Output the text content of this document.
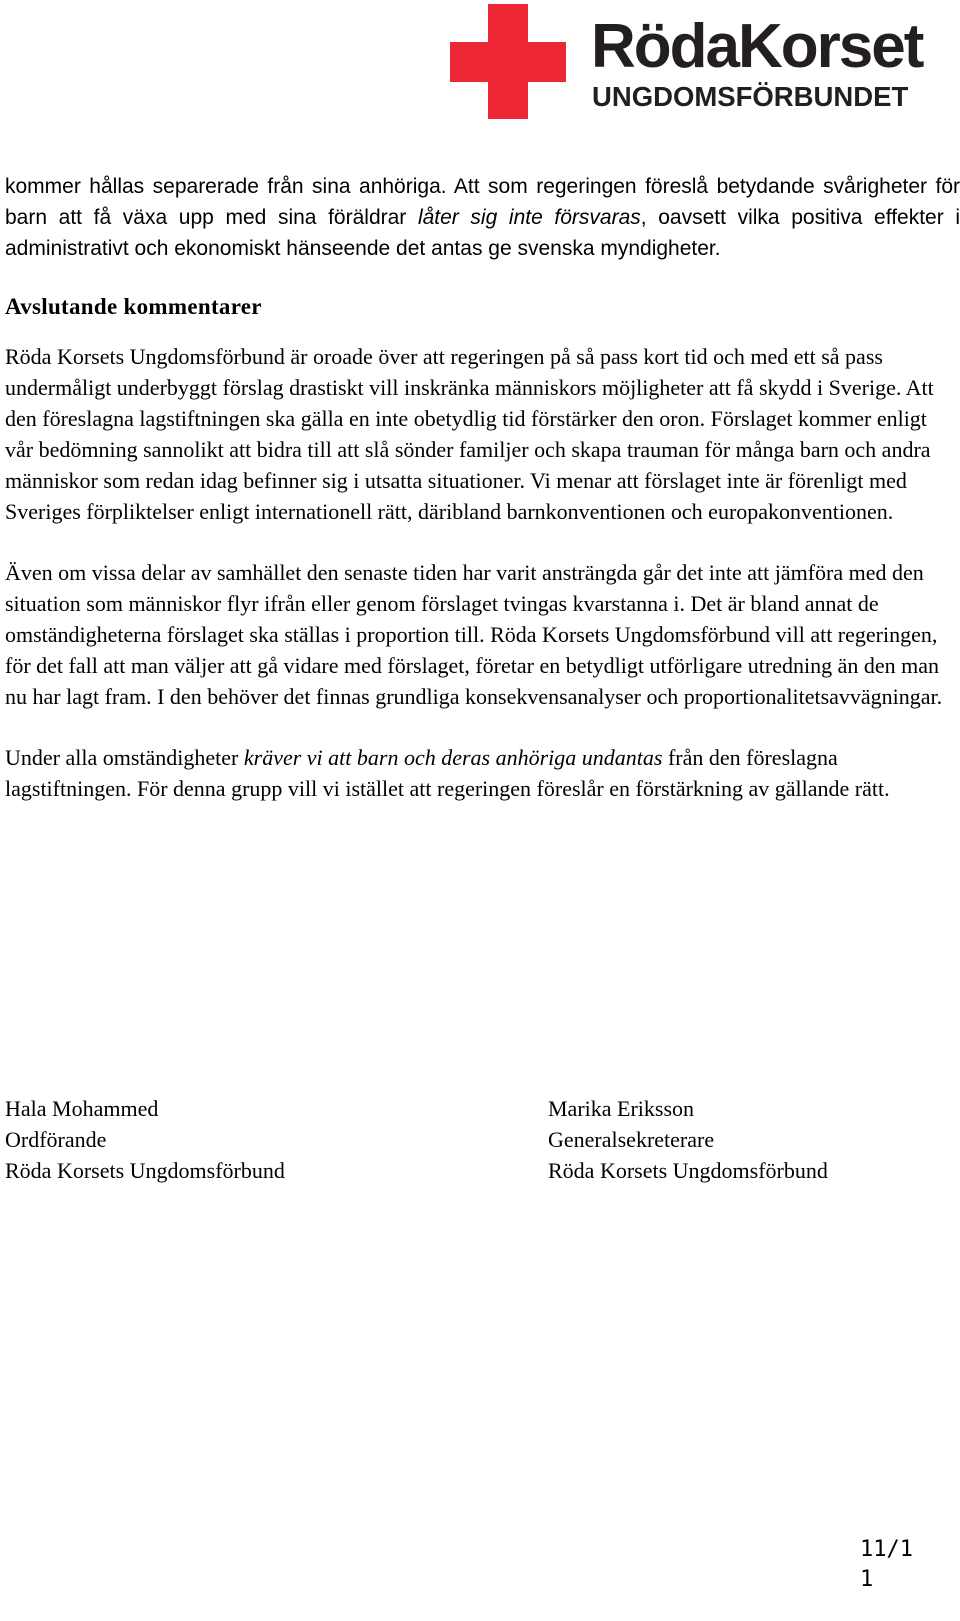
RödaKorset
UNGDOMSFÖRBUNDET

kommer hållas separerade från sina anhöriga. Att som regeringen föreslå betydande svårigheter för barn att få växa upp med sina föräldrar låter sig inte försvaras, oavsett vilka positiva effekter i administrativt och ekonomiskt hänseende det antas ge svenska myndigheter.

Avslutande kommentarer

Röda Korsets Ungdomsförbund är oroade över att regeringen på så pass kort tid och med ett så pass undermåligt underbyggt förslag drastiskt vill inskränka människors möjligheter att få skydd i Sverige. Att den föreslagna lagstiftningen ska gälla en inte obetydlig tid förstärker den oron. Förslaget kommer enligt vår bedömning sannolikt att bidra till att slå sönder familjer och skapa trauman för många barn och andra människor som redan idag befinner sig i utsatta situationer. Vi menar att förslaget inte är förenligt med Sveriges förpliktelser enligt internationell rätt, däribland barnkonventionen och europakonventionen.

Även om vissa delar av samhället den senaste tiden har varit ansträngda går det inte att jämföra med den situation som människor flyr ifrån eller genom förslaget tvingas kvarstanna i. Det är bland annat de omständigheterna förslaget ska ställas i proportion till. Röda Korsets Ungdomsförbund vill att regeringen, för det fall att man väljer att gå vidare med förslaget, företar en betydligt utförligare utredning än den man nu har lagt fram. I den behöver det finnas grundliga konsekvensanalyser och proportionalitetsavvägningar.

Under alla omständigheter kräver vi att barn och deras anhöriga undantas från den föreslagna lagstiftningen. För denna grupp vill vi istället att regeringen föreslår en förstärkning av gällande rätt.

Hala Mohammed
Ordförande
Röda Korsets Ungdomsförbund
Marika Eriksson
Generalsekreterare
Röda Korsets Ungdomsförbund
11/11
